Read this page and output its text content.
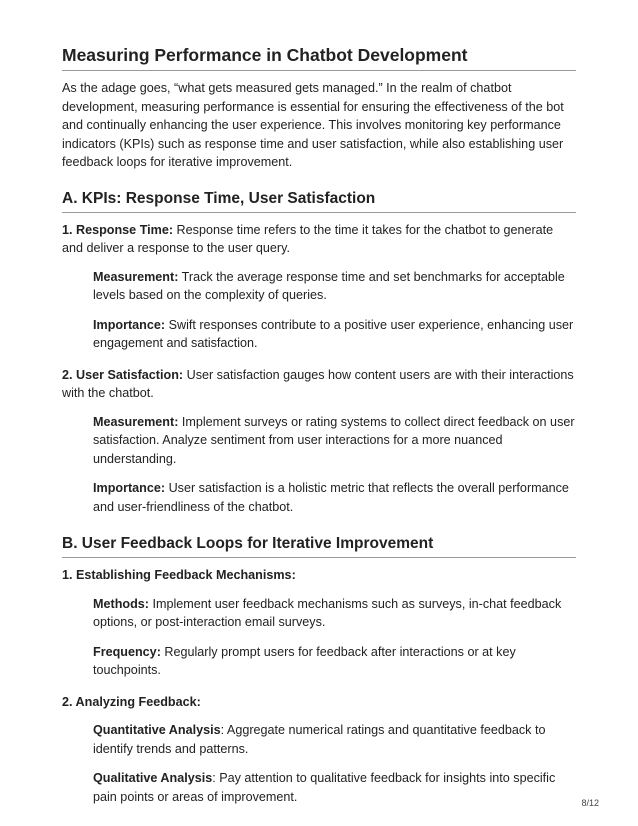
Measuring Performance in Chatbot Development

As the adage goes, “what gets measured gets managed.” In the realm of chatbot development, measuring performance is essential for ensuring the effectiveness of the bot and continually enhancing the user experience. This involves monitoring key performance indicators (KPIs) such as response time and user satisfaction, while also establishing user feedback loops for iterative improvement.

A. KPIs: Response Time, User Satisfaction

1. Response Time: Response time refers to the time it takes for the chatbot to generate and deliver a response to the user query.

Measurement: Track the average response time and set benchmarks for acceptable levels based on the complexity of queries.

Importance: Swift responses contribute to a positive user experience, enhancing user engagement and satisfaction.

2. User Satisfaction: User satisfaction gauges how content users are with their interactions with the chatbot.

Measurement: Implement surveys or rating systems to collect direct feedback on user satisfaction. Analyze sentiment from user interactions for a more nuanced understanding.

Importance: User satisfaction is a holistic metric that reflects the overall performance and user-friendliness of the chatbot.

B. User Feedback Loops for Iterative Improvement

1. Establishing Feedback Mechanisms:

Methods: Implement user feedback mechanisms such as surveys, in-chat feedback options, or post-interaction email surveys.

Frequency: Regularly prompt users for feedback after interactions or at key touchpoints.

2. Analyzing Feedback:

Quantitative Analysis: Aggregate numerical ratings and quantitative feedback to identify trends and patterns.

Qualitative Analysis: Pay attention to qualitative feedback for insights into specific pain points or areas of improvement.	8/12
